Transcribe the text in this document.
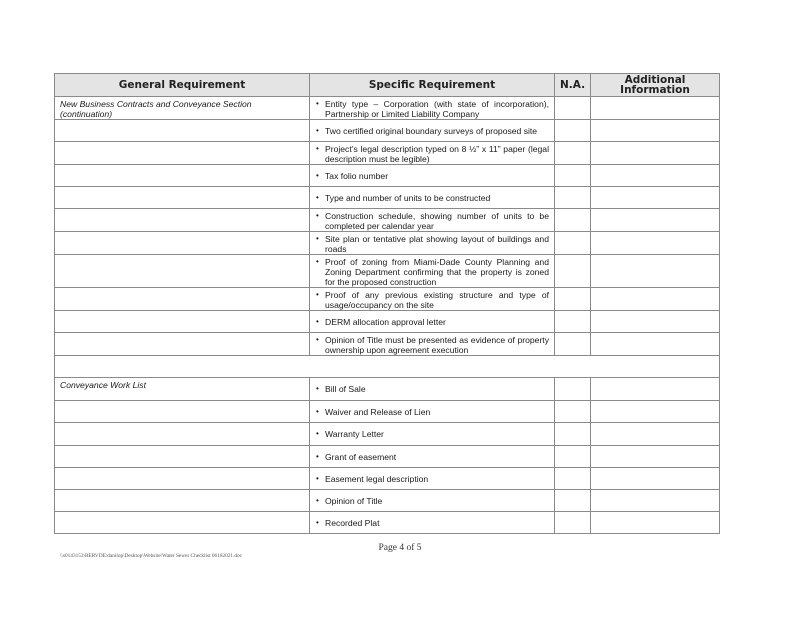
General Requirement	Specific Requirement	N.A.	Additional Information
New Business Contracts and Conveyance Section (continuation)	• Entity type – Corporation (with state of incorporation), Partnership or Limited Liability Company		

	• Two certified original boundary surveys of proposed site		

	• Project’s legal description typed on 8 ½” x 11” paper (legal description must be legible)		

	• Tax folio number		

	• Type and number of units to be constructed		

	• Construction schedule, showing number of units to be completed per calendar year		

	• Site plan or tentative plat showing layout of buildings and roads		

	• Proof of zoning from Miami-Dade County Planning and Zoning Department confirming that the property is zoned for the proposed construction		

	• Proof of any previous existing structure and type of usage/occupancy on the site		

	• DERM allocation approval letter		

	• Opinion of Title must be presented as evidence of property ownership upon agreement execution		

Conveyance Work List	• Bill of Sale		

	• Waiver and Release of Lien		

	• Warranty Letter		

	• Grant of easement		

	• Easement legal description		

	• Opinion of Title		

	• Recorded Plat		

Page 4 of 5
\\s0143153\RERVDE\danilop\Desktop\Website\Water Sewer Checklist 06182021.doc
